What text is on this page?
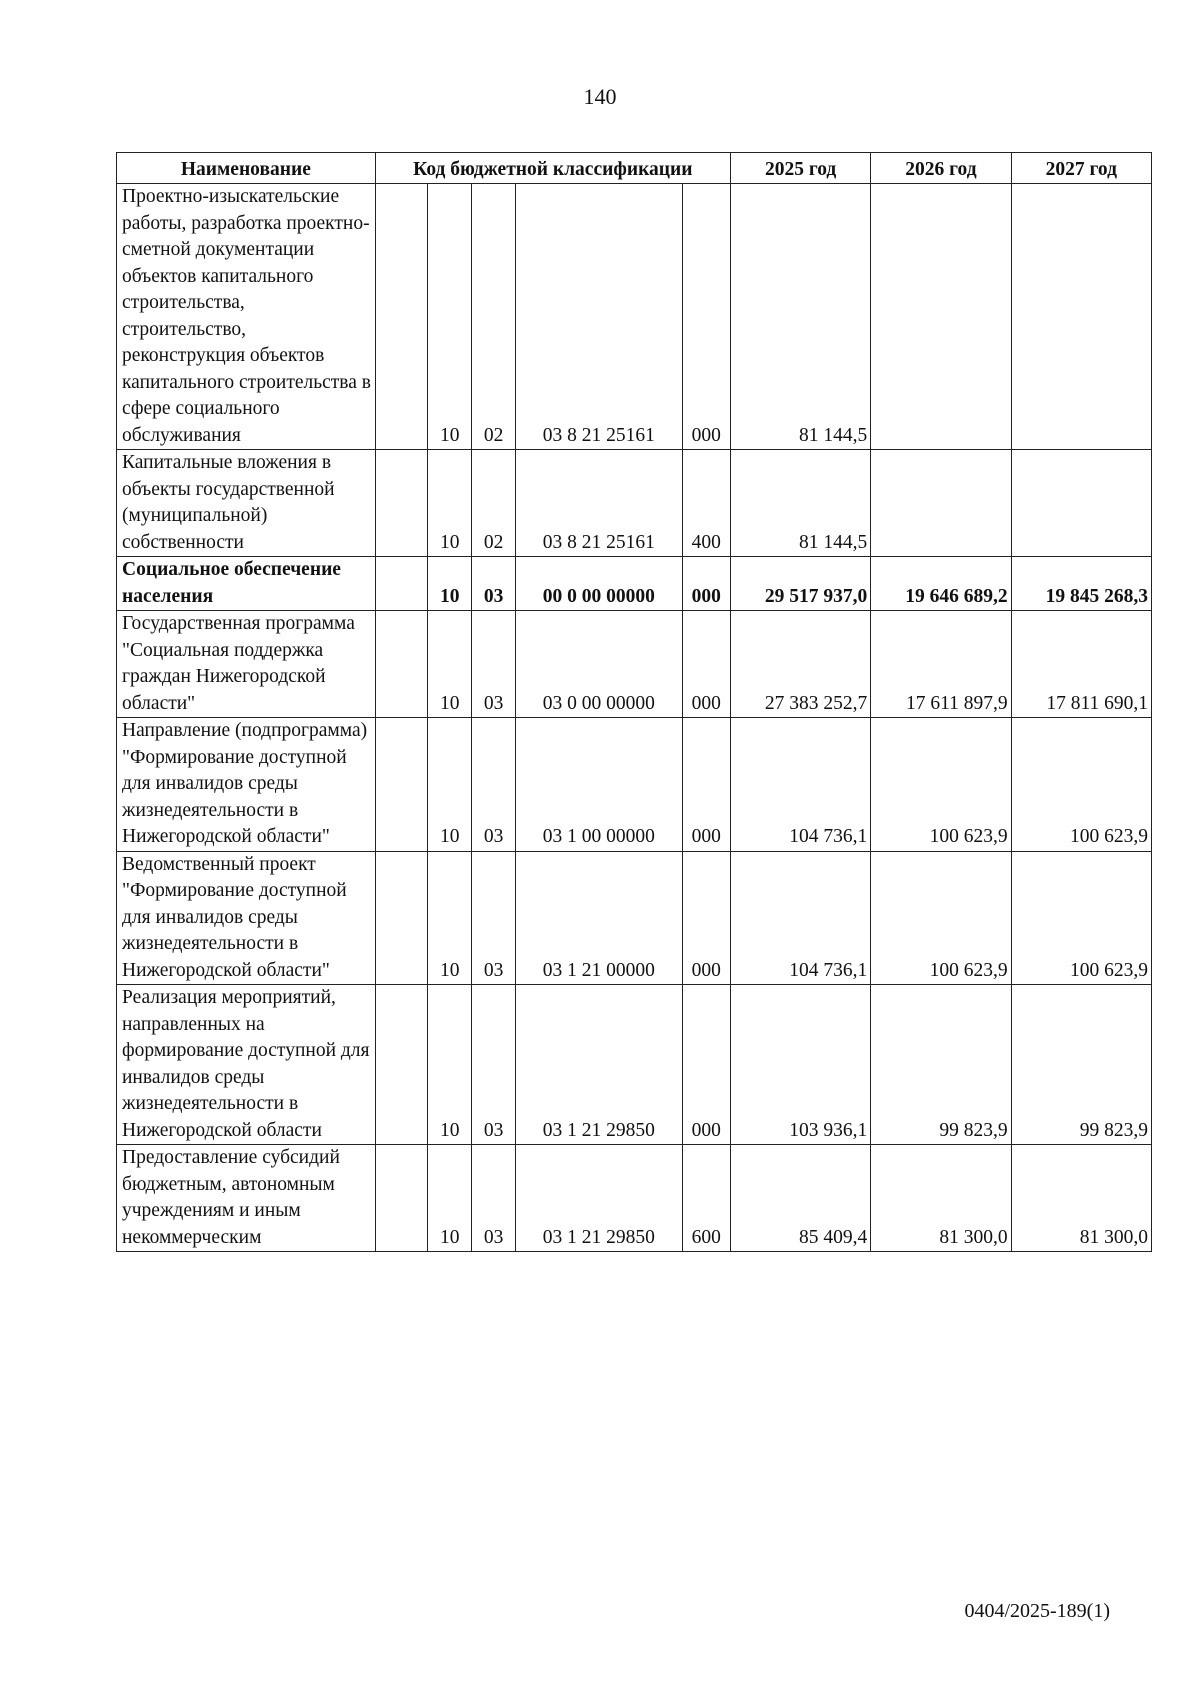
140
Наименование	Код бюджетной классификации					2025 год	2026 год	2027 год
Проектно-изыскательские работы, разработка проектно-сметной документации объектов капитального строительства, строительство, реконструкция объектов капитального строительства в сфере социального обслуживания		10	02	03 8 21 25161	000	81 144,5		
Капитальные вложения в объекты государственной (муниципальной) собственности		10	02	03 8 21 25161	400	81 144,5		
Социальное обеспечение населения		10	03	00 0 00 00000	000	29 517 937,0	19 646 689,2	19 845 268,3
Государственная программа "Социальная поддержка граждан Нижегородской области"		10	03	03 0 00 00000	000	27 383 252,7	17 611 897,9	17 811 690,1
Направление (подпрограмма) "Формирование доступной для инвалидов среды жизнедеятельности в Нижегородской области"		10	03	03 1 00 00000	000	104 736,1	100 623,9	100 623,9
Ведомственный проект "Формирование доступной для инвалидов среды жизнедеятельности в Нижегородской области"		10	03	03 1 21 00000	000	104 736,1	100 623,9	100 623,9
Реализация мероприятий, направленных на формирование доступной для инвалидов среды жизнедеятельности в Нижегородской области		10	03	03 1 21 29850	000	103 936,1	99 823,9	99 823,9
Предоставление субсидий бюджетным, автономным учреждениям и иным некоммерческим		10	03	03 1 21 29850	600	85 409,4	81 300,0	81 300,0
0404/2025-189(1)
